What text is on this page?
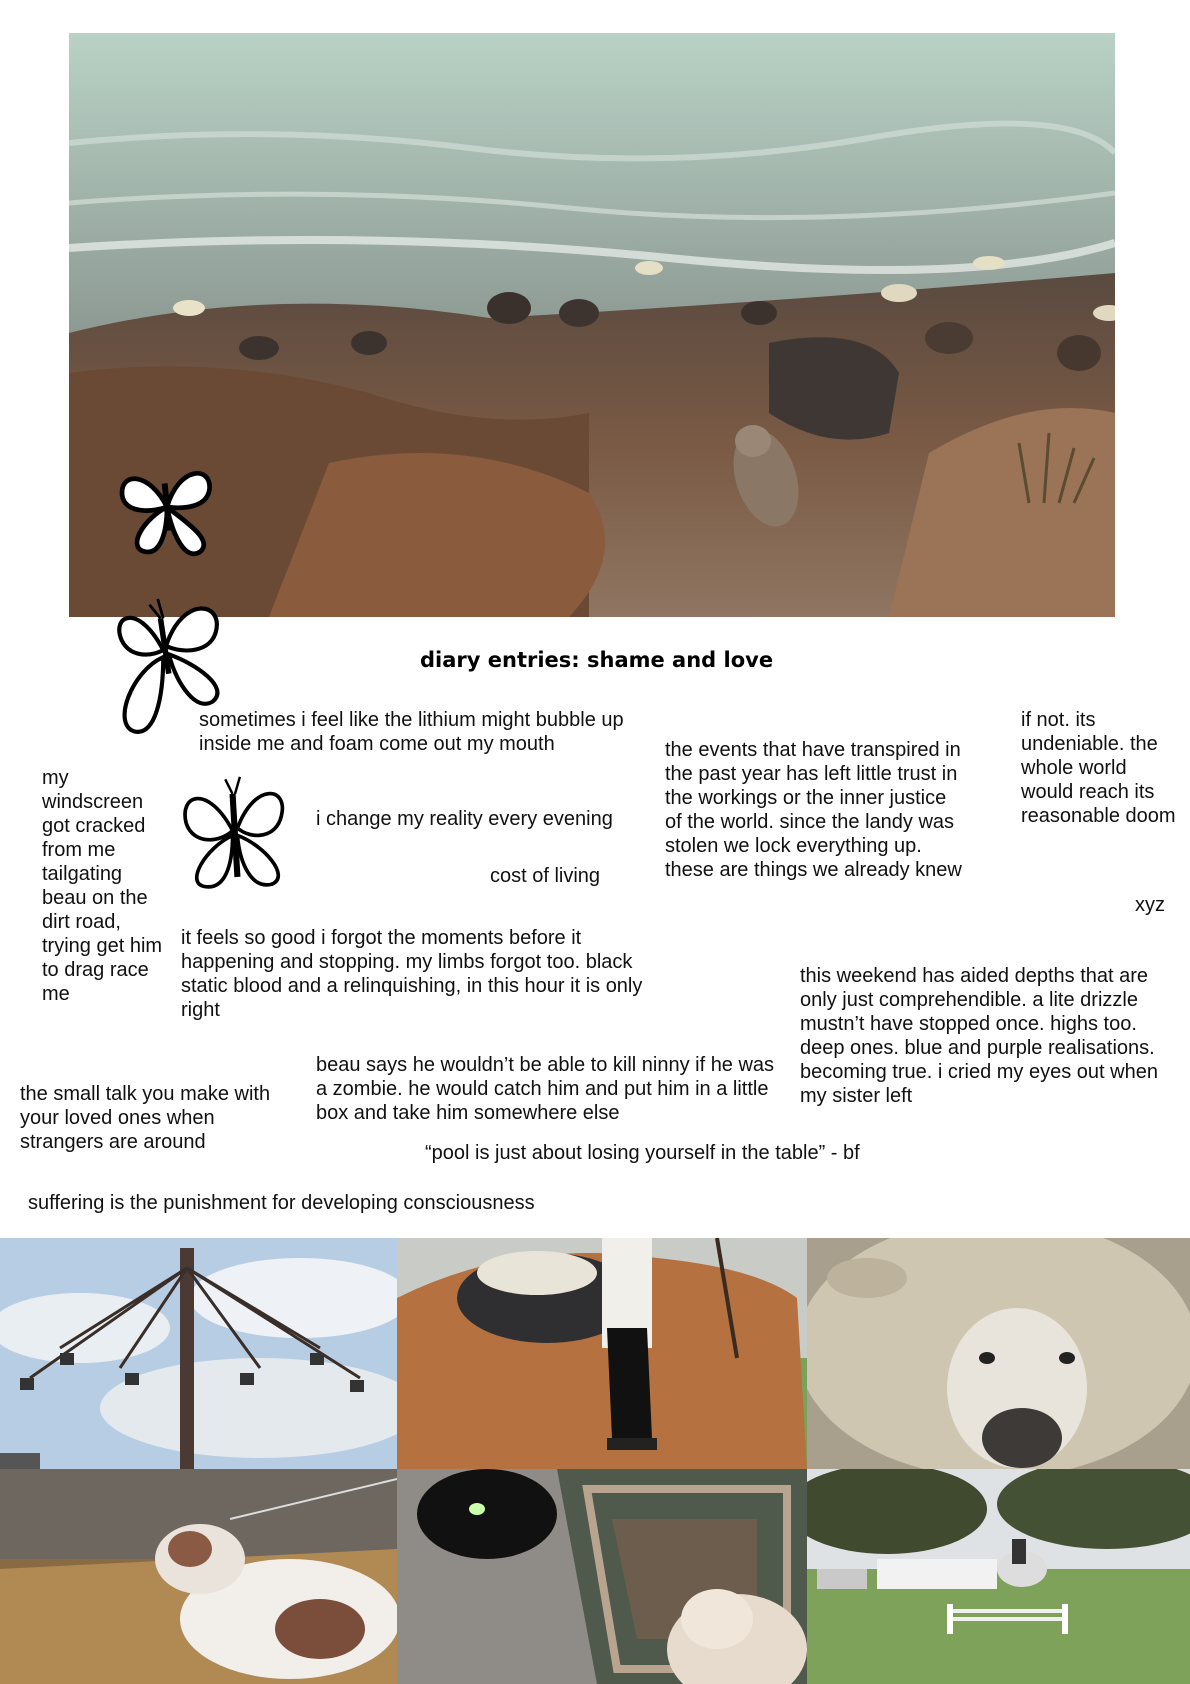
diary entries: shame and love

sometimes i feel like the lithium might bubble up inside me and foam come out my mouth

my windscreen got cracked from me tailgating beau on the dirt road, trying get him to drag race me

i change my reality every evening

cost of living

the events that have transpired in the past year has left little trust in the workings or the inner justice of the world. since the landy was stolen we lock everything up. these are things we already knew

if not. its undeniable. the whole world would reach its reasonable doom

xyz

it feels so good i forgot the moments before it happening and stopping. my limbs forgot too. black static blood and a relinquishing, in this hour it is only right

this weekend has aided depths that are only just comprehendible. a lite drizzle mustn’t have stopped once. highs too. deep ones. blue and purple realisations. becoming true. i cried my eyes out when my sister left

the small talk you make with your loved ones when strangers are around

beau says he wouldn’t be able to kill ninny if he was a zombie. he would catch him and put him in a little box and take him somewhere else

“pool is just about losing yourself in the table” - bf

suffering is the punishment for developing consciousness
